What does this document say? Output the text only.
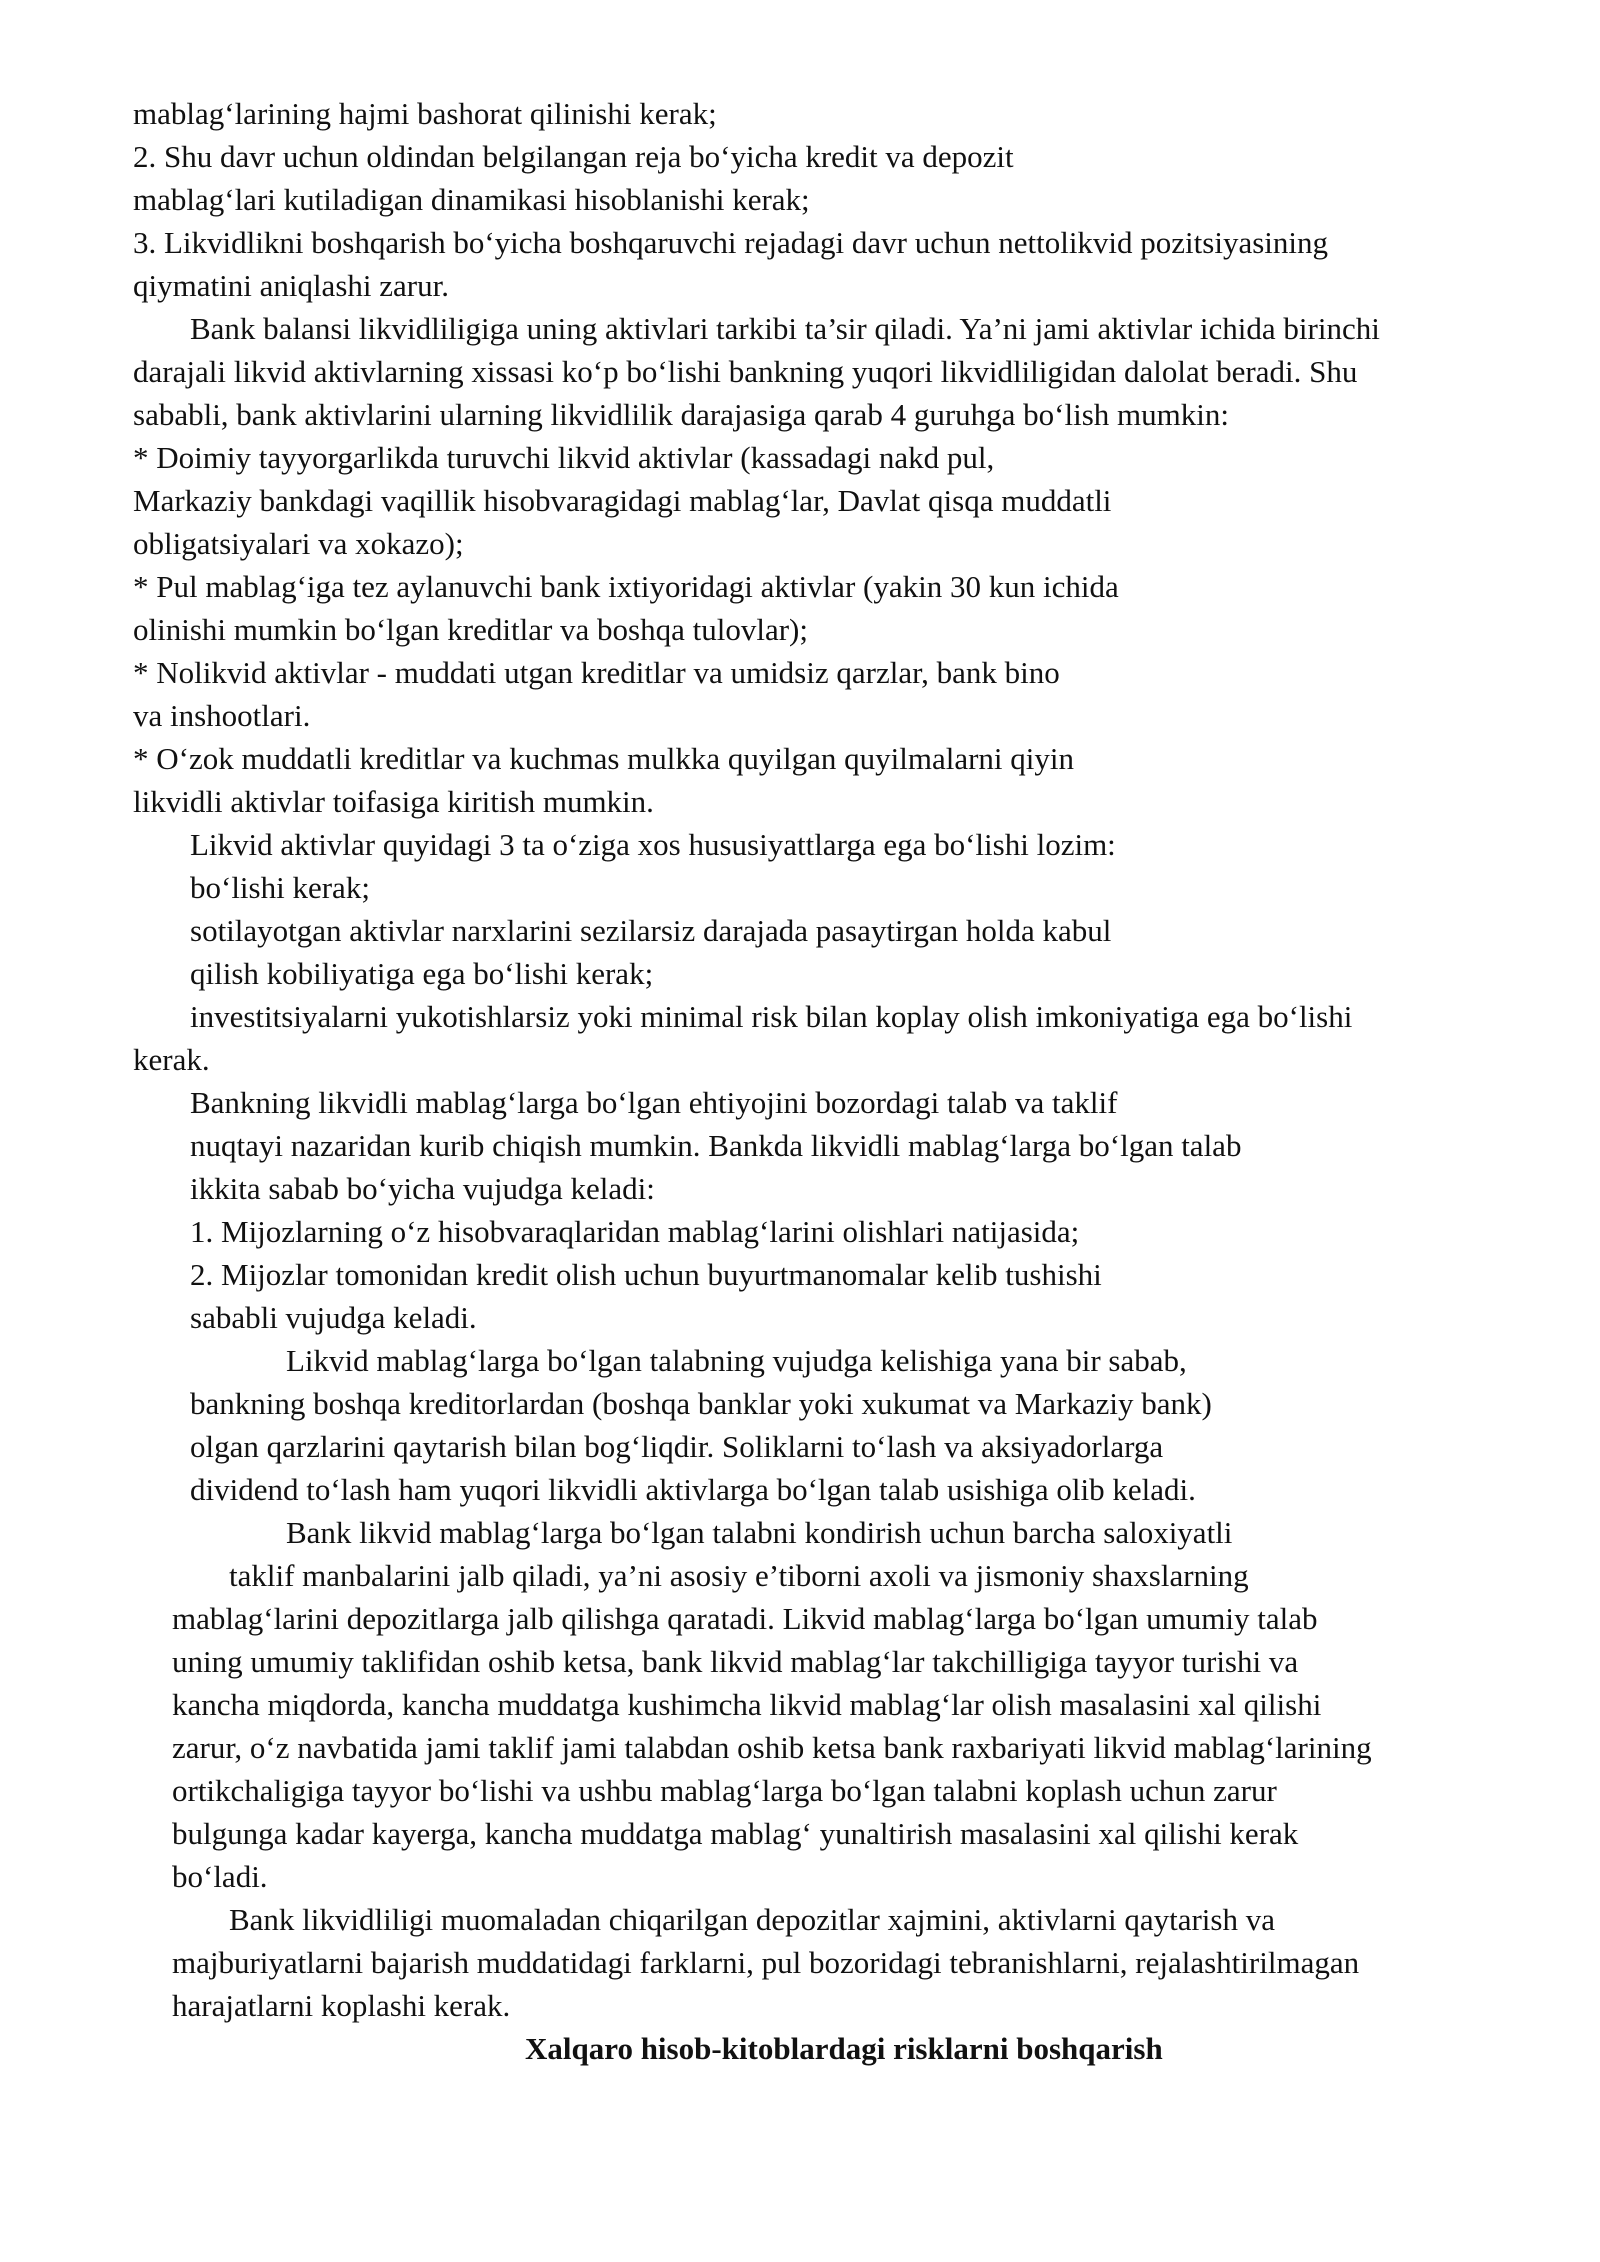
mablag‘larining hajmi bashorat qilinishi kerak;
2. Shu davr uchun oldindan belgilangan reja bo‘yicha kredit va depozit
mablag‘lari kutiladigan dinamikasi hisoblanishi kerak;
3. Likvidlikni boshqarish bo‘yicha boshqaruvchi rejadagi davr uchun nettolikvid pozitsiyasining
qiymatini aniqlashi zarur.
Bank balansi likvidliligiga uning aktivlari tarkibi ta’sir qiladi. Ya’ni jami aktivlar ichida birinchi
darajali likvid aktivlarning xissasi ko‘p bo‘lishi bankning yuqori likvidliligidan dalolat beradi. Shu
sababli, bank aktivlarini ularning likvidlilik darajasiga qarab 4 guruhga bo‘lish mumkin:
* Doimiy tayyorgarlikda turuvchi likvid aktivlar (kassadagi nakd pul,
Markaziy bankdagi vaqillik hisobvaragidagi mablag‘lar, Davlat qisqa muddatli
obligatsiyalari va xokazo);
* Pul mablag‘iga tez aylanuvchi bank ixtiyoridagi aktivlar (yakin 30 kun ichida
olinishi mumkin bo‘lgan kreditlar va boshqa tulovlar);
* Nolikvid aktivlar - muddati utgan kreditlar va umidsiz qarzlar, bank bino
va inshootlari.
* O‘zok muddatli kreditlar va kuchmas mulkka quyilgan quyilmalarni qiyin
likvidli aktivlar toifasiga kiritish mumkin.
Likvid aktivlar quyidagi 3 ta o‘ziga xos hususiyattlarga ega bo‘lishi lozim:
bo‘lishi kerak;
sotilayotgan aktivlar narxlarini sezilarsiz darajada pasaytirgan holda kabul
qilish kobiliyatiga ega bo‘lishi kerak;
investitsiyalarni yukotishlarsiz yoki minimal risk bilan koplay olish imkoniyatiga ega bo‘lishi
kerak.
Bankning likvidli mablag‘larga bo‘lgan ehtiyojini bozordagi talab va taklif
nuqtayi nazaridan kurib chiqish mumkin. Bankda likvidli mablag‘larga bo‘lgan talab
ikkita sabab bo‘yicha vujudga keladi:
1. Mijozlarning o‘z hisobvaraqlaridan mablag‘larini olishlari natijasida;
2. Mijozlar tomonidan kredit olish uchun buyurtmanomalar kelib tushishi
sababli vujudga keladi.
Likvid mablag‘larga bo‘lgan talabning vujudga kelishiga yana bir sabab,
bankning boshqa kreditorlardan (boshqa banklar yoki xukumat va Markaziy bank)
olgan qarzlarini qaytarish bilan bog‘liqdir. Soliklarni to‘lash va aksiyadorlarga
dividend to‘lash ham yuqori likvidli aktivlarga bo‘lgan talab usishiga olib keladi.
Bank likvid mablag‘larga bo‘lgan talabni kondirish uchun barcha saloxiyatli
taklif manbalarini jalb qiladi, ya’ni asosiy e’tiborni axoli va jismoniy shaxslarning
mablag‘larini depozitlarga jalb qilishga qaratadi. Likvid mablag‘larga bo‘lgan umumiy talab
uning umumiy taklifidan oshib ketsa, bank likvid mablag‘lar takchilligiga tayyor turishi va
kancha miqdorda, kancha muddatga kushimcha likvid mablag‘lar olish masalasini xal qilishi
zarur, o‘z navbatida jami taklif jami talabdan oshib ketsa bank raxbariyati likvid mablag‘larining
ortikchaligiga tayyor bo‘lishi va ushbu mablag‘larga bo‘lgan talabni koplash uchun zarur
bulgunga kadar kayerga, kancha muddatga mablag‘ yunaltirish masalasini xal qilishi kerak
bo‘ladi.
Bank likvidliligi muomaladan chiqarilgan depozitlar xajmini, aktivlarni qaytarish va
majburiyatlarni bajarish muddatidagi farklarni, pul bozoridagi tebranishlarni, rejalashtirilmagan
harajatlarni koplashi kerak.
Xalqaro hisob-kitoblardagi risklarni boshqarish
